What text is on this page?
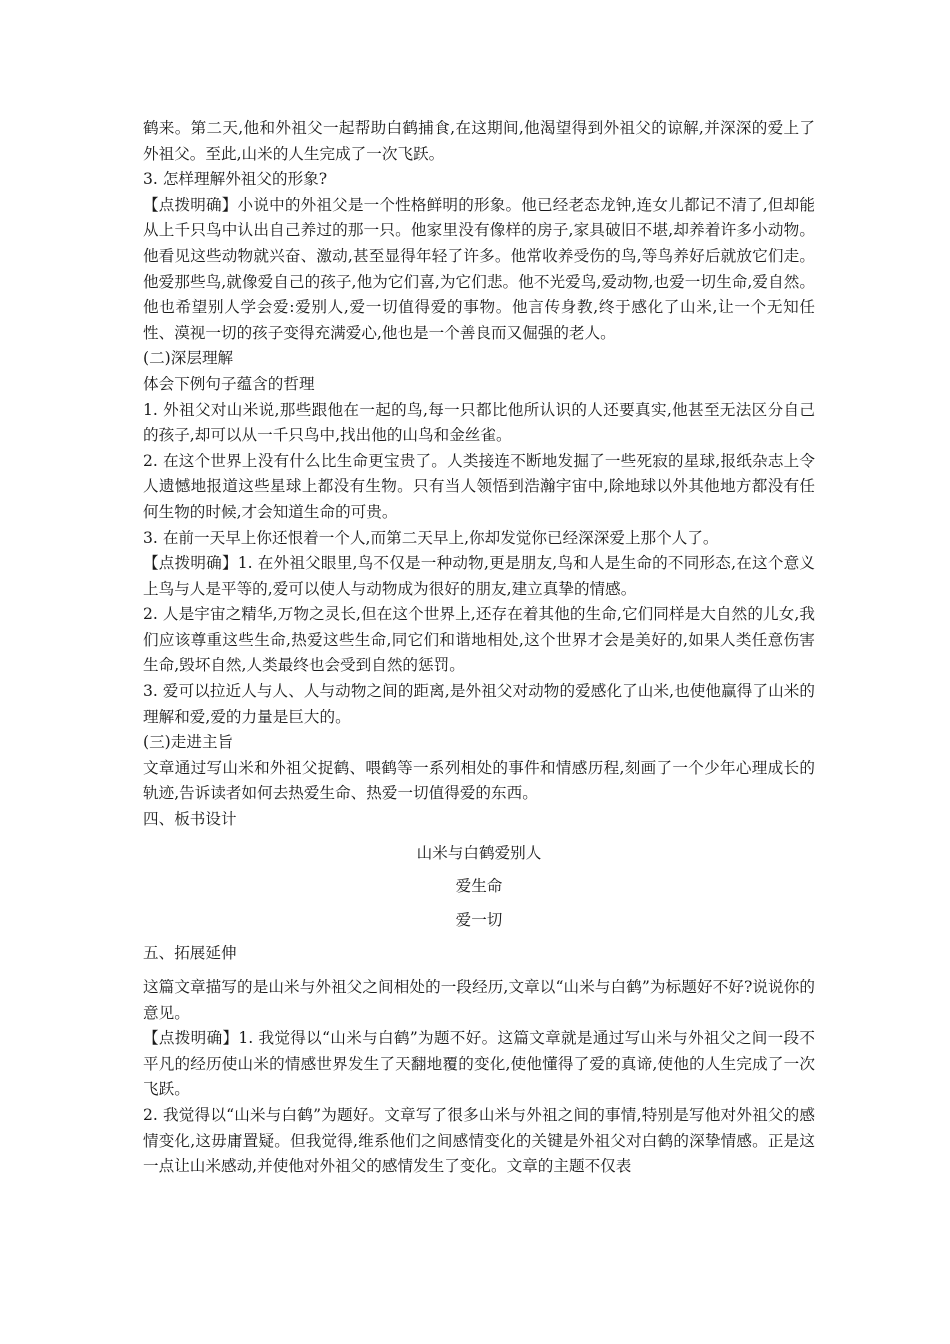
鹤来。第二天,他和外祖父一起帮助白鹤捕食,在这期间,他渴望得到外祖父的谅解,并深深的爱上了外祖父。至此,山米的人生完成了一次飞跃。

3. 怎样理解外祖父的形象?

【点拨明确】小说中的外祖父是一个性格鲜明的形象。他已经老态龙钟,连女儿都记不清了,但却能从上千只鸟中认出自己养过的那一只。他家里没有像样的房子,家具破旧不堪,却养着许多小动物。他看见这些动物就兴奋、激动,甚至显得年轻了许多。他常收养受伤的鸟,等鸟养好后就放它们走。他爱那些鸟,就像爱自己的孩子,他为它们喜,为它们悲。他不光爱鸟,爱动物,也爱一切生命,爱自然。他也希望别人学会爱:爱别人,爱一切值得爱的事物。他言传身教,终于感化了山米,让一个无知任性、漠视一切的孩子变得充满爱心,他也是一个善良而又倔强的老人。

(二)深层理解

体会下例句子蕴含的哲理

1. 外祖父对山米说,那些跟他在一起的鸟,每一只都比他所认识的人还要真实,他甚至无法区分自己的孩子,却可以从一千只鸟中,找出他的山鸟和金丝雀。

2. 在这个世界上没有什么比生命更宝贵了。人类接连不断地发掘了一些死寂的星球,报纸杂志上令人遗憾地报道这些星球上都没有生物。只有当人领悟到浩瀚宇宙中,除地球以外其他地方都没有任何生物的时候,才会知道生命的可贵。

3. 在前一天早上你还恨着一个人,而第二天早上,你却发觉你已经深深爱上那个人了。

【点拨明确】1. 在外祖父眼里,鸟不仅是一种动物,更是朋友,鸟和人是生命的不同形态,在这个意义上鸟与人是平等的,爱可以使人与动物成为很好的朋友,建立真挚的情感。

2. 人是宇宙之精华,万物之灵长,但在这个世界上,还存在着其他的生命,它们同样是大自然的儿女,我们应该尊重这些生命,热爱这些生命,同它们和谐地相处,这个世界才会是美好的,如果人类任意伤害生命,毁坏自然,人类最终也会受到自然的惩罚。

3. 爱可以拉近人与人、人与动物之间的距离,是外祖父对动物的爱感化了山米,也使他赢得了山米的理解和爱,爱的力量是巨大的。

(三)走进主旨

文章通过写山米和外祖父捉鹤、喂鹤等一系列相处的事件和情感历程,刻画了一个少年心理成长的轨迹,告诉读者如何去热爱生命、热爱一切值得爱的东西。

四、板书设计

山米与白鹤爱别人

爱生命

爱一切

五、拓展延伸

这篇文章描写的是山米与外祖父之间相处的一段经历,文章以“山米与白鹤”为标题好不好?说说你的意见。

【点拨明确】1. 我觉得以“山米与白鹤”为题不好。这篇文章就是通过写山米与外祖父之间一段不平凡的经历使山米的情感世界发生了天翻地覆的变化,使他懂得了爱的真谛,使他的人生完成了一次飞跃。

2. 我觉得以“山米与白鹤”为题好。文章写了很多山米与外祖之间的事情,特别是写他对外祖父的感情变化,这毋庸置疑。但我觉得,维系他们之间感情变化的关键是外祖父对白鹤的深挚情感。正是这一点让山米感动,并使他对外祖父的感情发生了变化。文章的主题不仅表
